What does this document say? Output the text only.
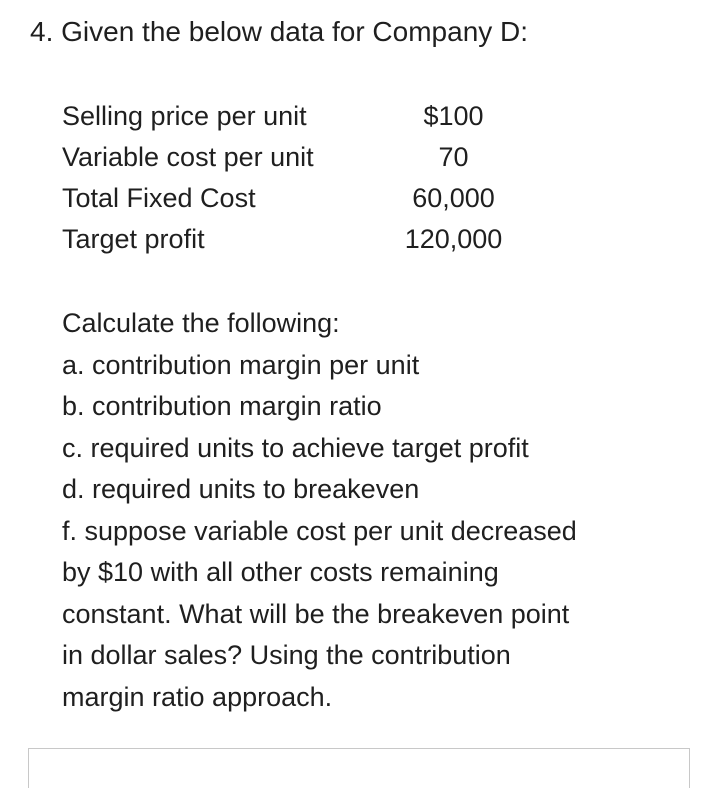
4. Given the below data for Company D:
Selling price per unit	$100
Variable cost per unit	70
Total Fixed Cost	60,000
Target profit	120,000
Calculate the following:
a. contribution margin per unit
b. contribution margin ratio
c. required units to achieve target profit
d. required units to breakeven
f. suppose variable cost per unit decreased
by $10 with all other costs remaining
constant. What will be the breakeven point
in dollar sales? Using the contribution
margin ratio approach.
